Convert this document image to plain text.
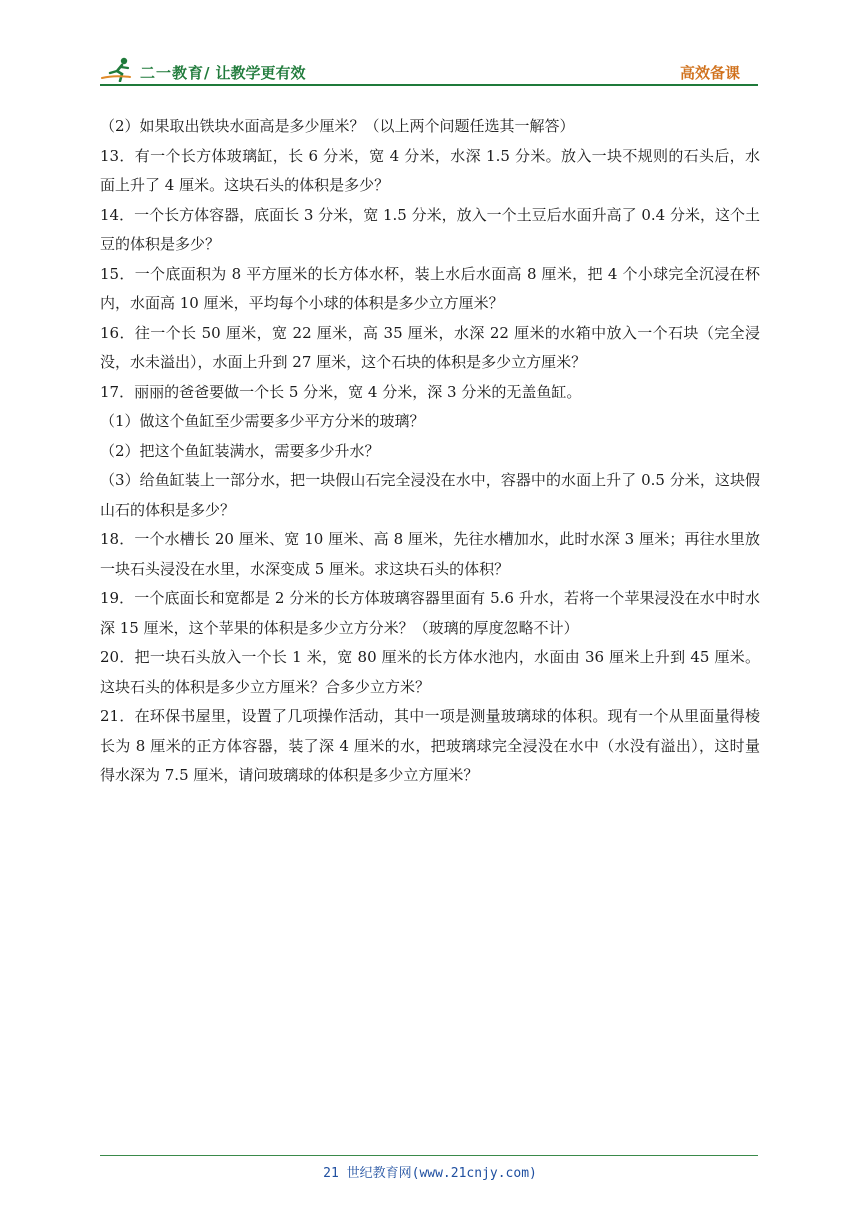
二一教育 / 让教学更有效	高效备课

（2）如果取出铁块水面高是多少厘米？（以上两个问题任选其一解答）

13．有一个长方体玻璃缸，长 6 分米，宽 4 分米，水深 1.5 分米。放入一块不规则的石头后，水面上升了 4 厘米。这块石头的体积是多少？

14．一个长方体容器，底面长 3 分米，宽 1.5 分米，放入一个土豆后水面升高了 0.4 分米，这个土豆的体积是多少？

15．一个底面积为 8 平方厘米的长方体水杯，装上水后水面高 8 厘米，把 4 个小球完全沉浸在杯内，水面高 10 厘米，平均每个小球的体积是多少立方厘米？

16．往一个长 50 厘米，宽 22 厘米，高 35 厘米，水深 22 厘米的水箱中放入一个石块（完全浸没，水未溢出），水面上升到 27 厘米，这个石块的体积是多少立方厘米？

17．丽丽的爸爸要做一个长 5 分米，宽 4 分米，深 3 分米的无盖鱼缸。

（1）做这个鱼缸至少需要多少平方分米的玻璃？

（2）把这个鱼缸装满水，需要多少升水？

（3）给鱼缸装上一部分水，把一块假山石完全浸没在水中，容器中的水面上升了 0.5 分米，这块假山石的体积是多少？

18．一个水槽长 20 厘米、宽 10 厘米、高 8 厘米，先往水槽加水，此时水深 3 厘米；再往水里放一块石头浸没在水里，水深变成 5 厘米。求这块石头的体积？

19．一个底面长和宽都是 2 分米的长方体玻璃容器里面有 5.6 升水，若将一个苹果浸没在水中时水深 15 厘米，这个苹果的体积是多少立方分米？（玻璃的厚度忽略不计）

20．把一块石头放入一个长 1 米，宽 80 厘米的长方体水池内，水面由 36 厘米上升到 45 厘米。这块石头的体积是多少立方厘米？合多少立方米？

21．在环保书屋里，设置了几项操作活动，其中一项是测量玻璃球的体积。现有一个从里面量得棱长为 8 厘米的正方体容器，装了深 4 厘米的水，把玻璃球完全浸没在水中（水没有溢出），这时量得水深为 7.5 厘米，请问玻璃球的体积是多少立方厘米？

21 世纪教育网(www.21cnjy.com)
